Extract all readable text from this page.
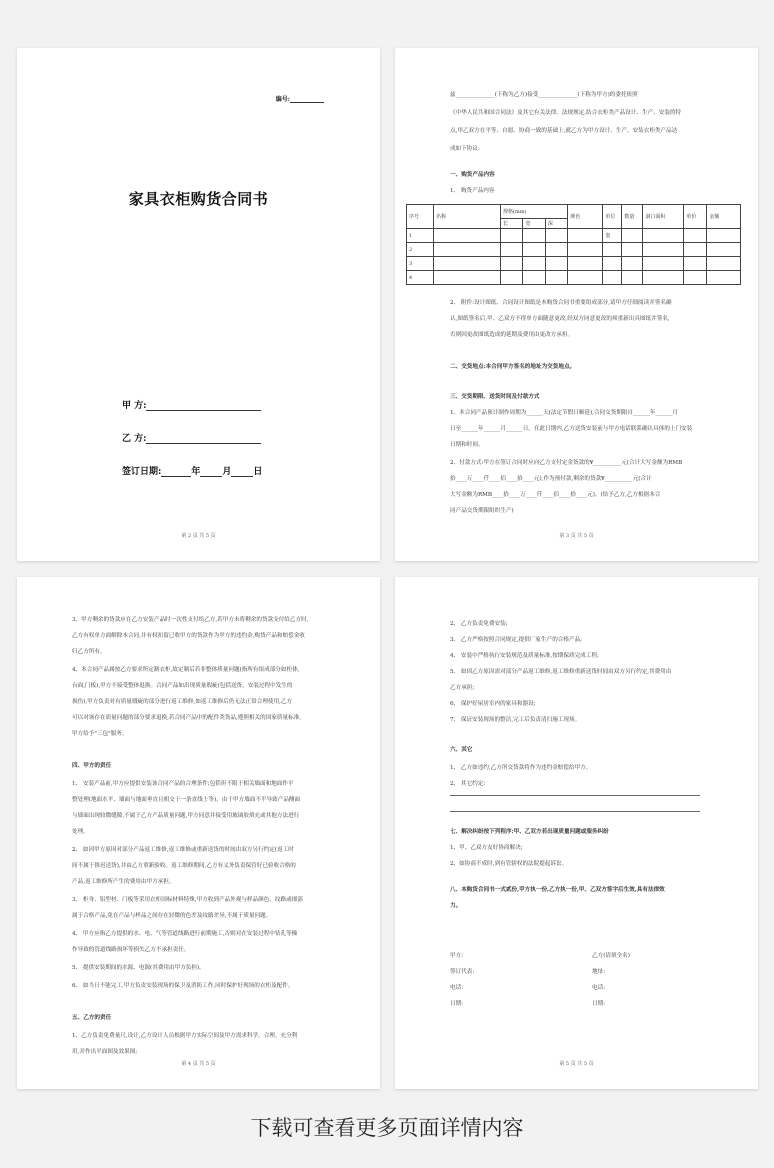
编号:
家具衣柜购货合同书
甲 方:
乙 方:
签订日期:	年 月 日
第 2 页 共 5 页
兹______________(下称为乙方)接受______________(下称为甲方)的委托依照
《中华人民共和国合同法》及其它有关法律、法规规定,结合衣柜类产品设计、生产、安装的特
点,甲乙双方在平等、自愿、协商一致的基础上,就乙方为甲方设计、生产、安装衣柜类产品达
成如下协议:
一、购货产品内容
1、 购货产品内容
序号	名称	规格(mm)			颜色	单位	数量	洞口面积	单价	金额
		长	宽	深						
1						套				
2										
3										
4										
2、 附件:设计图纸、合同设计图纸是本购货合同书重要组成部分,请甲方仔细阅读并签名确
认,图纸签名后,甲、乙双方不得单方面随意更改,经双方同意更改的须重新出具图纸并签名,
否则因更改图纸造成的延期及费用由更改方承担。
二、交货地点:本合同甲方签名的地址为交货地点。
三、交货期限、送货时间及付款方式
1、本合同产品预计制作周期为______天(法定节假日顺延),合同交货期限自______年______月
日至______年______月______日。在此日期内,乙方送货安装前与甲方电话联系确认具体的上门安装
日期和时间。
2、付款方式:甲方在签订合同时应向乙方支付定金货款的¥__________元(合计大写金额为RMB
拾____万____仟____佰____拾____元),作为预付款,剩余的货款¥__________元(合计
大写金额为RMB____拾____万____仟____佰____拾____元)。(给予乙方,乙方根据本合
同产品交货期限组织生产)
第 3 页 共 5 页
3、甲方剩余的货款应在乙方安装产品时一次性支付给乙方,若甲方未将剩余的货款支付给乙方时,
乙方有权单方面解除本合同,并有权扣留已收甲方的货款作为甲方的违约金,购货产品和赔偿金收
归乙方所有。
4、本合同产品属按乙方要求所定制衣柜,故定制后若非整体质量问题(指所有组成部分如柜体,
台面,门板),甲方不接受整体退换。合同产品如出现质量瑕疵(包括送货、安装过程中发生的
损伤),甲方负责对有质量瑕疵的部分进行返工维修,如返工维修后仍无法正常合理使用,乙方
可以对该存在质量问题的部分要求退换,若合同产品中的配件类货品,遵照相关的国家质量标准,
甲方给予"三包"服务。
四、甲方的责任
1、 安装产品前,甲方应提供安装该合同产品的合理条件;包括但不限于相关墙面和地面作平
整处理(地面水平、墙面与地面垂直且相交于一条直线上等)。由于甲方墙面不平导致产品侧面
与墙面出现较微缝隙,不属于乙方产品质量问题,甲方同意并接受用玻璃胶填充或其他方法进行
处理。
2、 如因甲方原因对部分产品返工维修,返工维修或重新送货的时间由双方另行约定(返工时
间不属于推迟送货),并由乙方重新验收。返工维修期间,乙方有义务负责保管好已验收合格的
产品,返工维修所产生的费用由甲方承担。
3、 柜身、铝型材、门板等采用衣柜国标材料特殊,甲方收到产品外观与样品颜色、纹路或细部
属于合格产品,免在产品与样品之间存在轻微的色差及纹路差异,不属于质量问题。
4、 甲方应指乙方提供的水、电、气等管道线路进行前期施工,否则对在安装过程中钻孔等操
作导致的管道线路损坏等损失乙方不承担责任。
5、 提供安装期间的水源、电源(其费用由甲方负担)。
6、 如当日不能完工,甲方负责安装现场的保卫及消防工作,同时保护好现场的衣柜及配件。
五、乙方的责任
1、乙方负责免费量尺,设计,乙方设计人员根据甲方实际空间及甲方需求科学、合理、充分利
用,并作出平面图及效果图;
第 4 页 共 5 页
2、 乙方负责免费安装;
3、 乙方严格按照合同规定,提供厂家生产的合格产品;
4、 安装中严格执行安装规范及质量标准,按期保质完成工程;
5、 如因乙方原因需对部分产品返工维修,返工维修重新送货时间由双方另行约定,其费用由
乙方承担;
6、 保护好屋居室内的家具和器设;
7、 保证安装现场的整洁,完工后负责清扫施工现场。
六、其它
1、 乙方如违约,乙方所交货款将作为违约金赔偿给甲方。
2、 其它约定:
七、解决纠纷按下列程序:甲、乙双方若出现质量问题或服务纠纷
1、甲、乙双方友好协商解决;
2、如协商不成时,到有管辖权的法院提起诉讼。
八、本购货合同书一式贰份,甲方执一份,乙方执一份,甲、乙双方签字后生效,具有法律效
力。
甲方:	乙方(请填全名)
签订代表:	地址:
电话:	电话:
日期:	日期:
第 5 页 共 5 页
下载可查看更多页面详情内容
